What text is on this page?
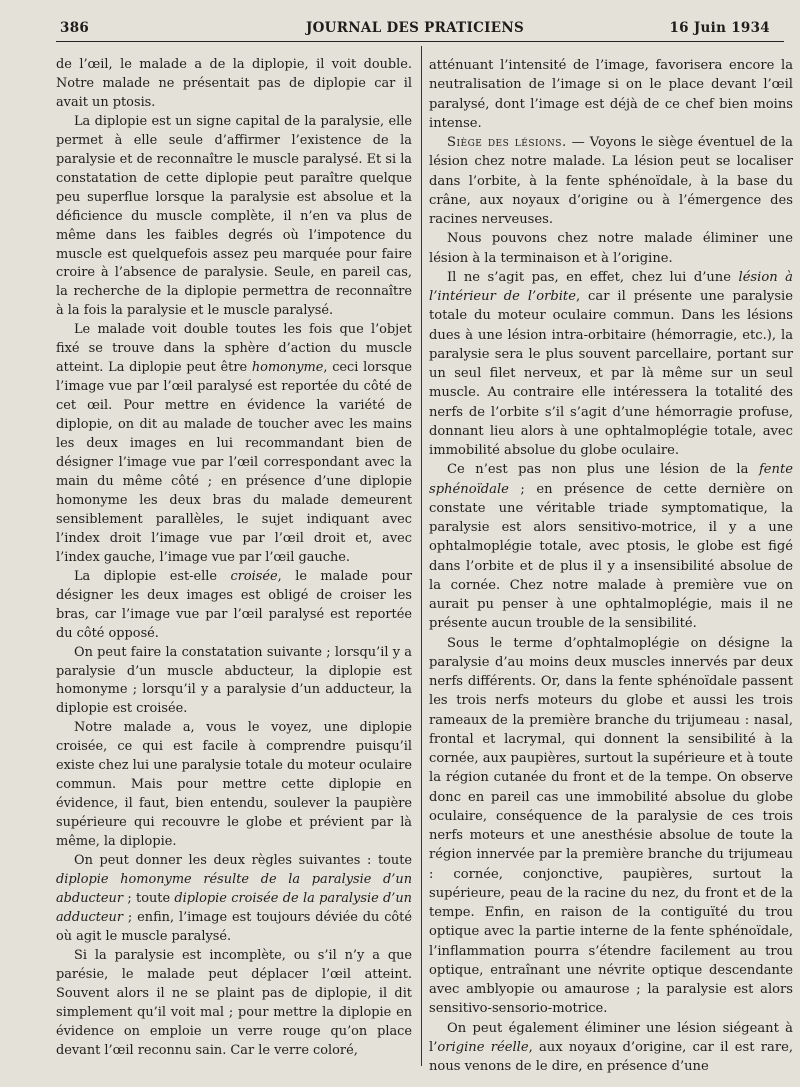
386	JOURNAL DES PRATICIENS	16 Juin 1934

de l’œil, le malade a de la diplopie, il voit double. Notre malade ne présentait pas de diplopie car il avait un ptosis.

La diplopie est un signe capital de la paralysie, elle permet à elle seule d’affirmer l’existence de la paralysie et de reconnaître le muscle paralysé. Et si la constatation de cette diplopie peut paraître quelque peu superflue lorsque la paralysie est absolue et la déficience du muscle complète, il n’en va plus de même dans les faibles degrés où l’impotence du muscle est quelquefois assez peu marquée pour faire croire à l’absence de paralysie. Seule, en pareil cas, la recherche de la diplopie permettra de reconnaître à la fois la paralysie et le muscle paralysé.

Le malade voit double toutes les fois que l’objet fixé se trouve dans la sphère d’action du muscle atteint. La diplopie peut être homonyme, ceci lorsque l’image vue par l’œil paralysé est reportée du côté de cet œil. Pour mettre en évidence la variété de diplopie, on dit au malade de toucher avec les mains les deux images en lui recommandant bien de désigner l’image vue par l’œil correspondant avec la main du même côté ; en présence d’une diplopie homonyme les deux bras du malade demeurent sensiblement parallèles, le sujet indiquant avec l’index droit l’image vue par l’œil droit et, avec l’index gauche, l’image vue par l’œil gauche.

La diplopie est-elle croisée, le malade pour désigner les deux images est obligé de croiser les bras, car l’image vue par l’œil paralysé est reportée du côté opposé.

On peut faire la constatation suivante ; lorsqu’il y a paralysie d’un muscle abducteur, la diplopie est homonyme ; lorsqu’il y a paralysie d’un adducteur, la diplopie est croisée.

Notre malade a, vous le voyez, une diplopie croisée, ce qui est facile à comprendre puisqu’il existe chez lui une paralysie totale du moteur oculaire commun. Mais pour mettre cette diplopie en évidence, il faut, bien entendu, soulever la paupière supérieure qui recouvre le globe et prévient par là même, la diplopie.

On peut donner les deux règles suivantes : toute diplopie homonyme résulte de la paralysie d’un abducteur ; toute diplopie croisée de la paralysie d’un adducteur ; enfin, l’image est toujours déviée du côté où agit le muscle paralysé.

Si la paralysie est incomplète, ou s’il n’y a que parésie, le malade peut déplacer l’œil atteint. Souvent alors il ne se plaint pas de diplopie, il dit simplement qu’il voit mal ; pour mettre la diplopie en évidence on emploie un verre rouge qu’on place devant l’œil reconnu sain. Car le verre coloré,

atténuant l’intensité de l’image, favorisera encore la neutralisation de l’image si on le place devant l’œil paralysé, dont l’image est déjà de ce chef bien moins intense.

Siège des lésions. — Voyons le siège éventuel de la lésion chez notre malade. La lésion peut se localiser dans l’orbite, à la fente sphénoïdale, à la base du crâne, aux noyaux d’origine ou à l’émergence des racines nerveuses.

Nous pouvons chez notre malade éliminer une lésion à la terminaison et à l’origine.

Il ne s’agit pas, en effet, chez lui d’une lésion à l’intérieur de l’orbite, car il présente une paralysie totale du moteur oculaire commun. Dans les lésions dues à une lésion intra-orbitaire (hémorragie, etc.), la paralysie sera le plus souvent parcellaire, portant sur un seul filet nerveux, et par là même sur un seul muscle. Au contraire elle intéressera la totalité des nerfs de l’orbite s’il s’agit d’une hémorragie profuse, donnant lieu alors à une ophtalmoplégie totale, avec immobilité absolue du globe oculaire.

Ce n’est pas non plus une lésion de la fente sphénoïdale ; en présence de cette dernière on constate une véritable triade symptomatique, la paralysie est alors sensitivo-motrice, il y a une ophtalmoplégie totale, avec ptosis, le globe est figé dans l’orbite et de plus il y a insensibilité absolue de la cornée. Chez notre malade à première vue on aurait pu penser à une ophtalmoplégie, mais il ne présente aucun trouble de la sensibilité.

Sous le terme d’ophtalmoplégie on désigne la paralysie d’au moins deux muscles innervés par deux nerfs différents. Or, dans la fente sphénoïdale passent les trois nerfs moteurs du globe et aussi les trois rameaux de la première branche du trijumeau : nasal, frontal et lacrymal, qui donnent la sensibilité à la cornée, aux paupières, surtout la supérieure et à toute la région cutanée du front et de la tempe. On observe donc en pareil cas une immobilité absolue du globe oculaire, conséquence de la paralysie de ces trois nerfs moteurs et une anesthésie absolue de toute la région innervée par la première branche du trijumeau : cornée, conjonctive, paupières, surtout la supérieure, peau de la racine du nez, du front et de la tempe. Enfin, en raison de la contiguïté du trou optique avec la partie interne de la fente sphénoïdale, l’inflammation pourra s’étendre facilement au trou optique, entraînant une névrite optique descendante avec amblyopie ou amaurose ; la paralysie est alors sensitivo-sensorio-motrice.

On peut également éliminer une lésion siégeant à l’origine réelle, aux noyaux d’origine, car il est rare, nous venons de le dire, en présence d’une
